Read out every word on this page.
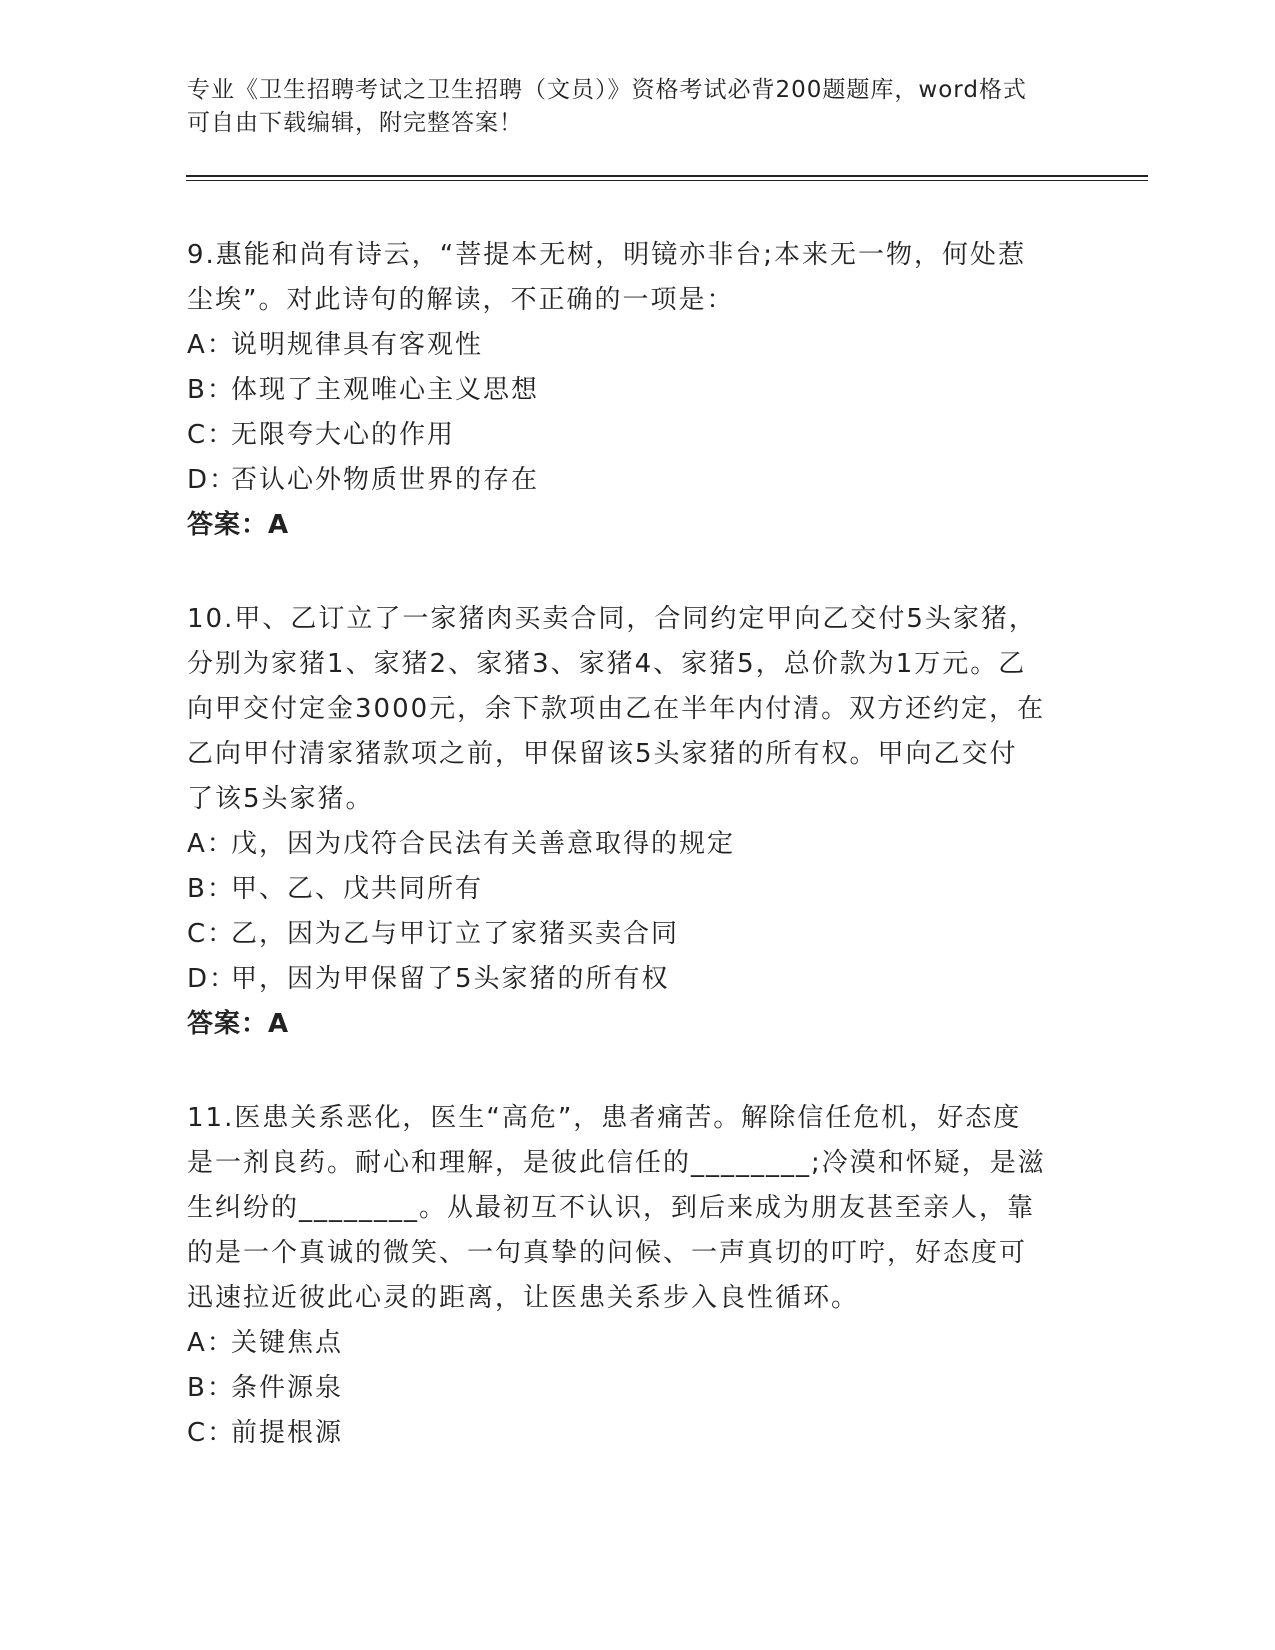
专业《卫生招聘考试之卫生招聘（文员）》资格考试必背200题题库，word格式
可自由下载编辑，附完整答案！

9.惠能和尚有诗云，“菩提本无树，明镜亦非台;本来无一物，何处惹

尘埃”。对此诗句的解读，不正确的一项是：

A：说明规律具有客观性

B：体现了主观唯心主义思想

C：无限夸大心的作用

D：否认心外物质世界的存在

答案：A

10.甲、乙订立了一家猪肉买卖合同，合同约定甲向乙交付5头家猪，

分别为家猪1、家猪2、家猪3、家猪4、家猪5，总价款为1万元。乙

向甲交付定金3000元，余下款项由乙在半年内付清。双方还约定，在

乙向甲付清家猪款项之前，甲保留该5头家猪的所有权。甲向乙交付

了该5头家猪。

A：戊，因为戊符合民法有关善意取得的规定

B：甲、乙、戊共同所有

C：乙，因为乙与甲订立了家猪买卖合同

D：甲，因为甲保留了5头家猪的所有权

答案：A

11.医患关系恶化，医生“高危”，患者痛苦。解除信任危机，好态度

是一剂良药。耐心和理解，是彼此信任的________;冷漠和怀疑，是滋

生纠纷的________。从最初互不认识，到后来成为朋友甚至亲人，靠

的是一个真诚的微笑、一句真挚的问候、一声真切的叮咛，好态度可

迅速拉近彼此心灵的距离，让医患关系步入良性循环。

A：关键焦点

B：条件源泉

C：前提根源
